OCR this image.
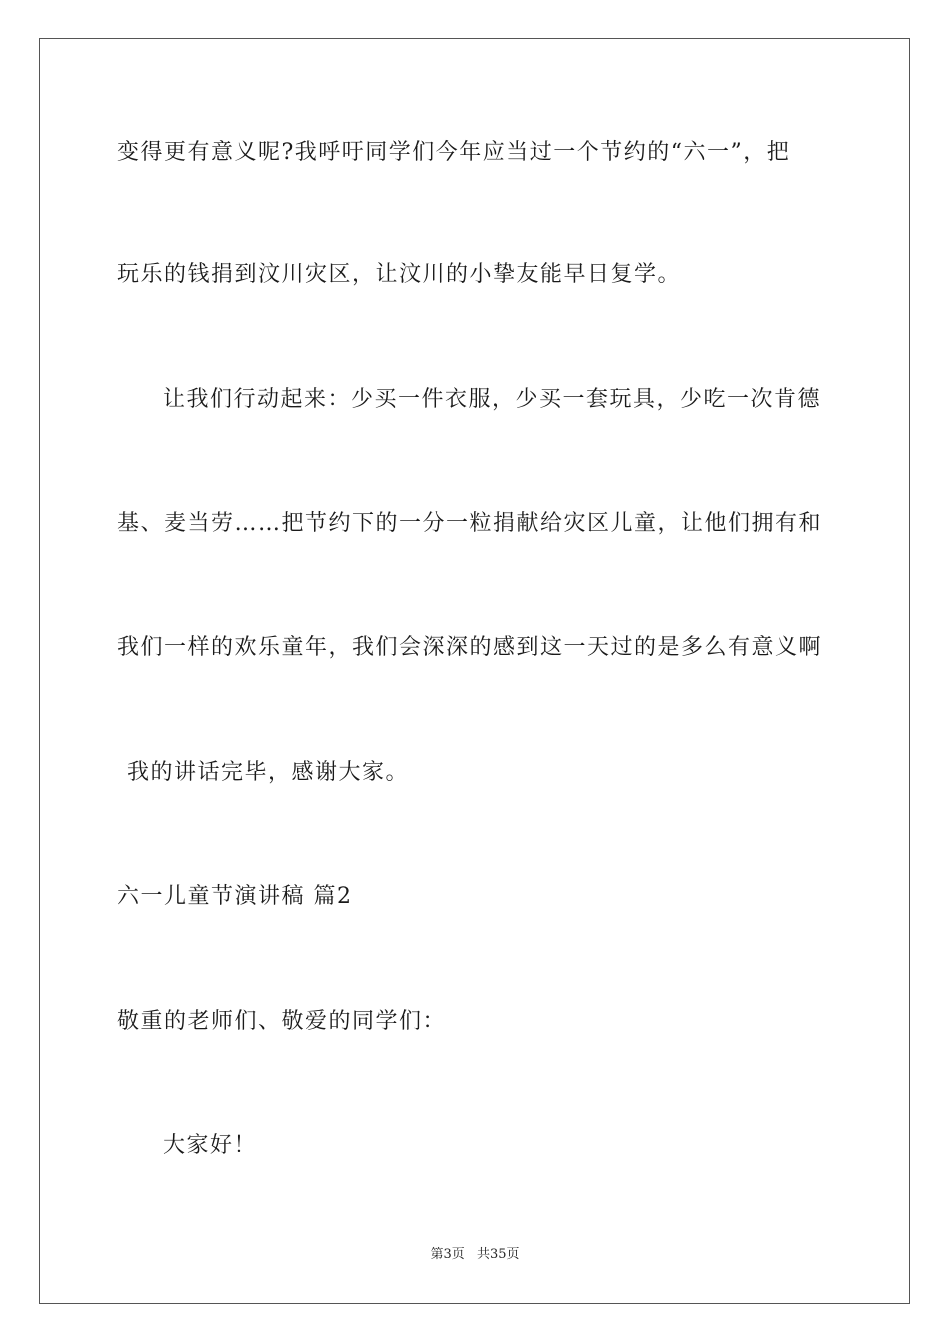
变得更有意义呢?我呼吁同学们今年应当过一个节约的“六一”，把
玩乐的钱捐到汶川灾区，让汶川的小挚友能早日复学。
让我们行动起来：少买一件衣服，少买一套玩具，少吃一次肯德
基、麦当劳……把节约下的一分一粒捐献给灾区儿童，让他们拥有和
我们一样的欢乐童年，我们会深深的感到这一天过的是多么有意义啊
我的讲话完毕，感谢大家。
六一儿童节演讲稿 篇2
敬重的老师们、敬爱的同学们：
大家好！
第3页 共35页
